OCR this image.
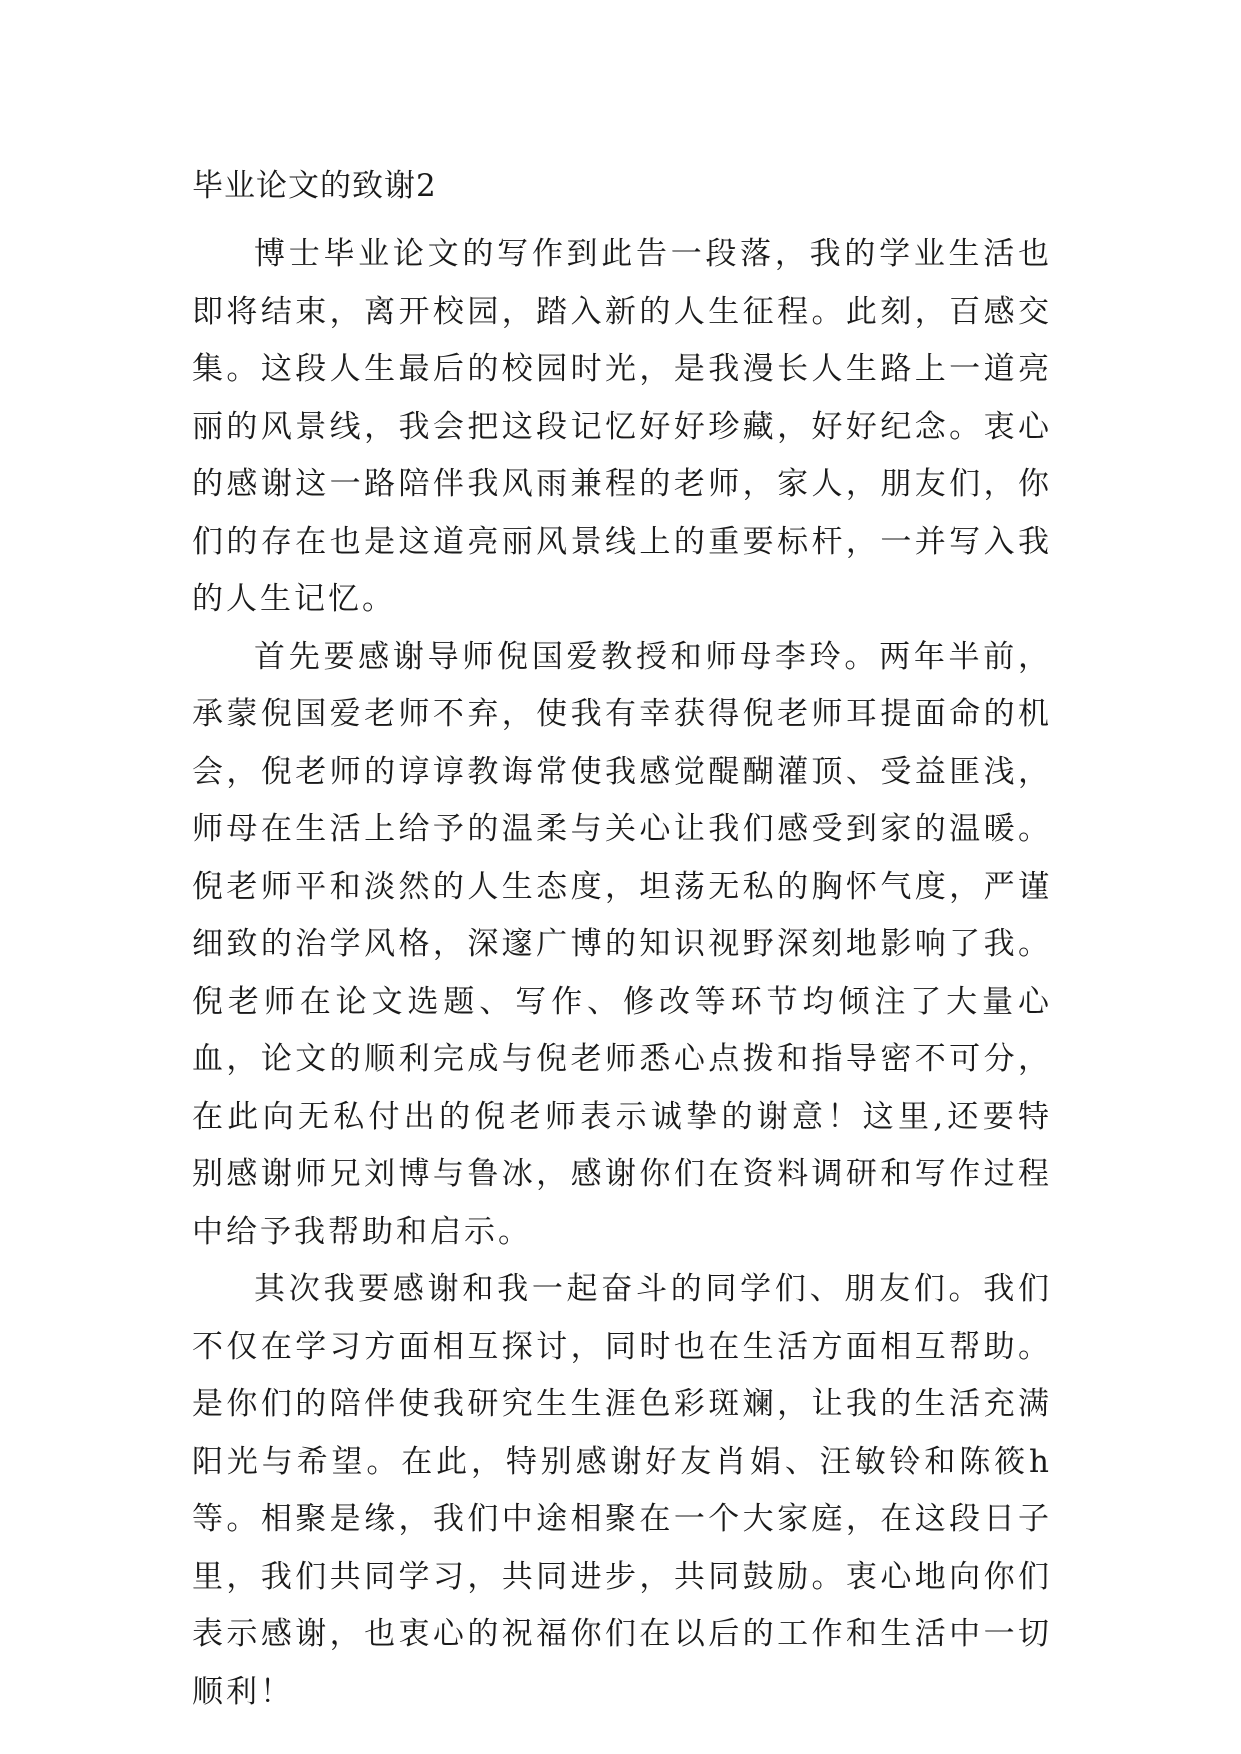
毕业论文的致谢2

博士毕业论文的写作到此告一段落，我的学业生活也即将结束，离开校园，踏入新的人生征程。此刻，百感交集。这段人生最后的校园时光，是我漫长人生路上一道亮丽的风景线，我会把这段记忆好好珍藏，好好纪念。衷心的感谢这一路陪伴我风雨兼程的老师，家人，朋友们，你们的存在也是这道亮丽风景线上的重要标杆，一并写入我的人生记忆。

首先要感谢导师倪国爱教授和师母李玲。两年半前，承蒙倪国爱老师不弃，使我有幸获得倪老师耳提面命的机会，倪老师的谆谆教诲常使我感觉醍醐灌顶、受益匪浅，师母在生活上给予的温柔与关心让我们感受到家的温暖。倪老师平和淡然的人生态度，坦荡无私的胸怀气度，严谨细致的治学风格，深邃广博的知识视野深刻地影响了我。倪老师在论文选题、写作、修改等环节均倾注了大量心血，论文的顺利完成与倪老师悉心点拨和指导密不可分，在此向无私付出的倪老师表示诚挚的谢意！这里,还要特别感谢师兄刘博与鲁冰，感谢你们在资料调研和写作过程中给予我帮助和启示。

其次我要感谢和我一起奋斗的同学们、朋友们。我们不仅在学习方面相互探讨，同时也在生活方面相互帮助。是你们的陪伴使我研究生生涯色彩斑斓，让我的生活充满阳光与希望。在此，特别感谢好友肖娟、汪敏铃和陈筱h等。相聚是缘，我们中途相聚在一个大家庭，在这段日子里，我们共同学习，共同进步，共同鼓励。衷心地向你们表示感谢，也衷心的祝福你们在以后的工作和生活中一切顺利！
